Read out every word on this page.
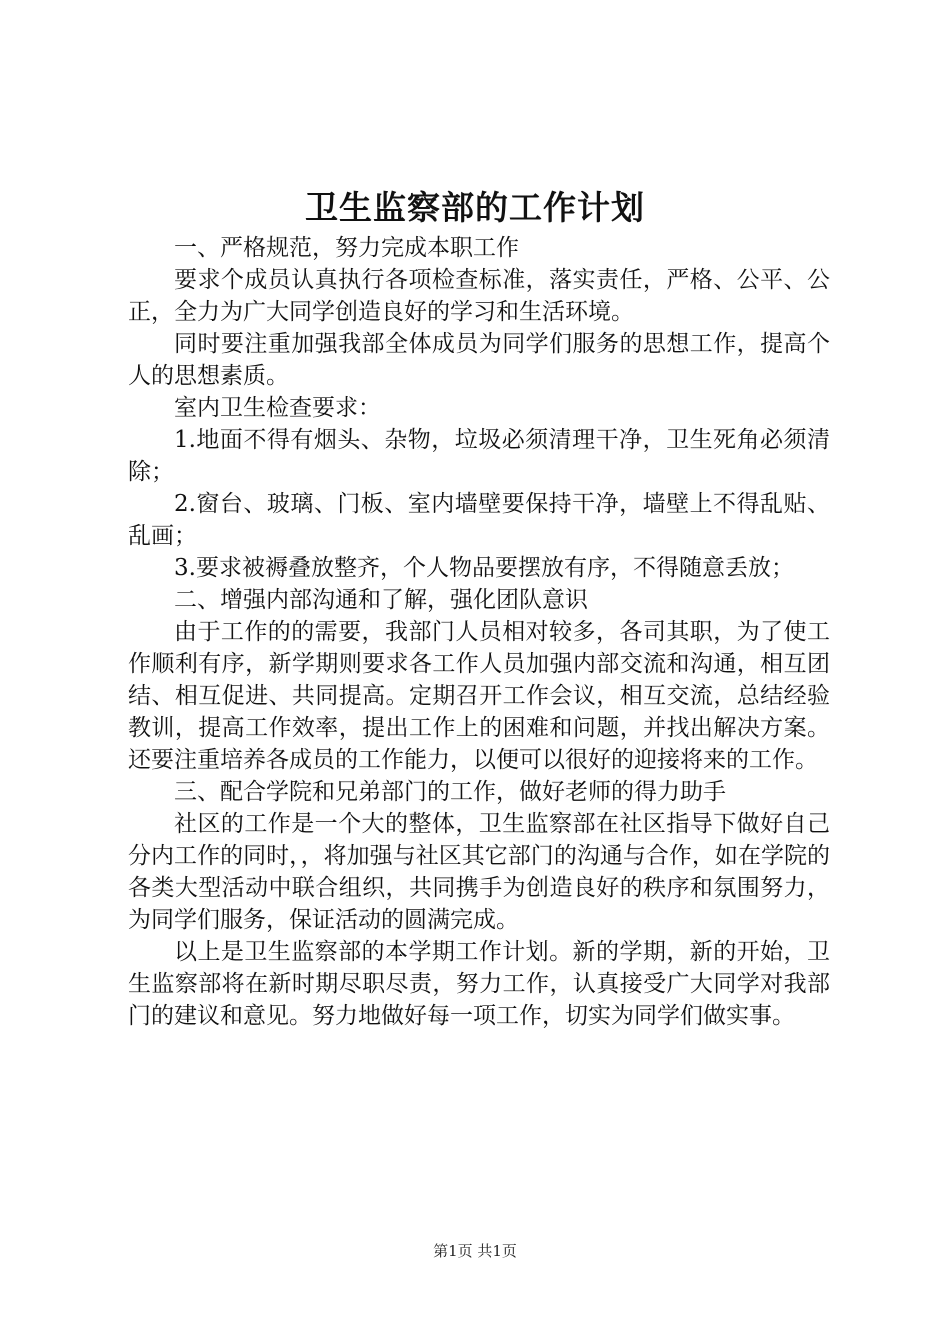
卫生监察部的工作计划

一、严格规范，努力完成本职工作

要求个成员认真执行各项检查标准，落实责任，严格、公平、公正，全力为广大同学创造良好的学习和生活环境。

同时要注重加强我部全体成员为同学们服务的思想工作，提高个人的思想素质。

室内卫生检查要求：

1.地面不得有烟头、杂物，垃圾必须清理干净，卫生死角必须清除；

2.窗台、玻璃、门板、室内墙壁要保持干净，墙壁上不得乱贴、乱画；

3.要求被褥叠放整齐，个人物品要摆放有序，不得随意丢放；

二、增强内部沟通和了解，强化团队意识

由于工作的的需要，我部门人员相对较多，各司其职，为了使工作顺利有序，新学期则要求各工作人员加强内部交流和沟通，相互团结、相互促进、共同提高。定期召开工作会议，相互交流，总结经验教训，提高工作效率，提出工作上的困难和问题，并找出解决方案。还要注重培养各成员的工作能力，以便可以很好的迎接将来的工作。

三、配合学院和兄弟部门的工作，做好老师的得力助手

社区的工作是一个大的整体，卫生监察部在社区指导下做好自己分内工作的同时，，将加强与社区其它部门的沟通与合作，如在学院的各类大型活动中联合组织，共同携手为创造良好的秩序和氛围努力，为同学们服务，保证活动的圆满完成。

以上是卫生监察部的本学期工作计划。新的学期，新的开始，卫生监察部将在新时期尽职尽责，努力工作，认真接受广大同学对我部门的建议和意见。努力地做好每一项工作，切实为同学们做实事。

第1页 共1页
